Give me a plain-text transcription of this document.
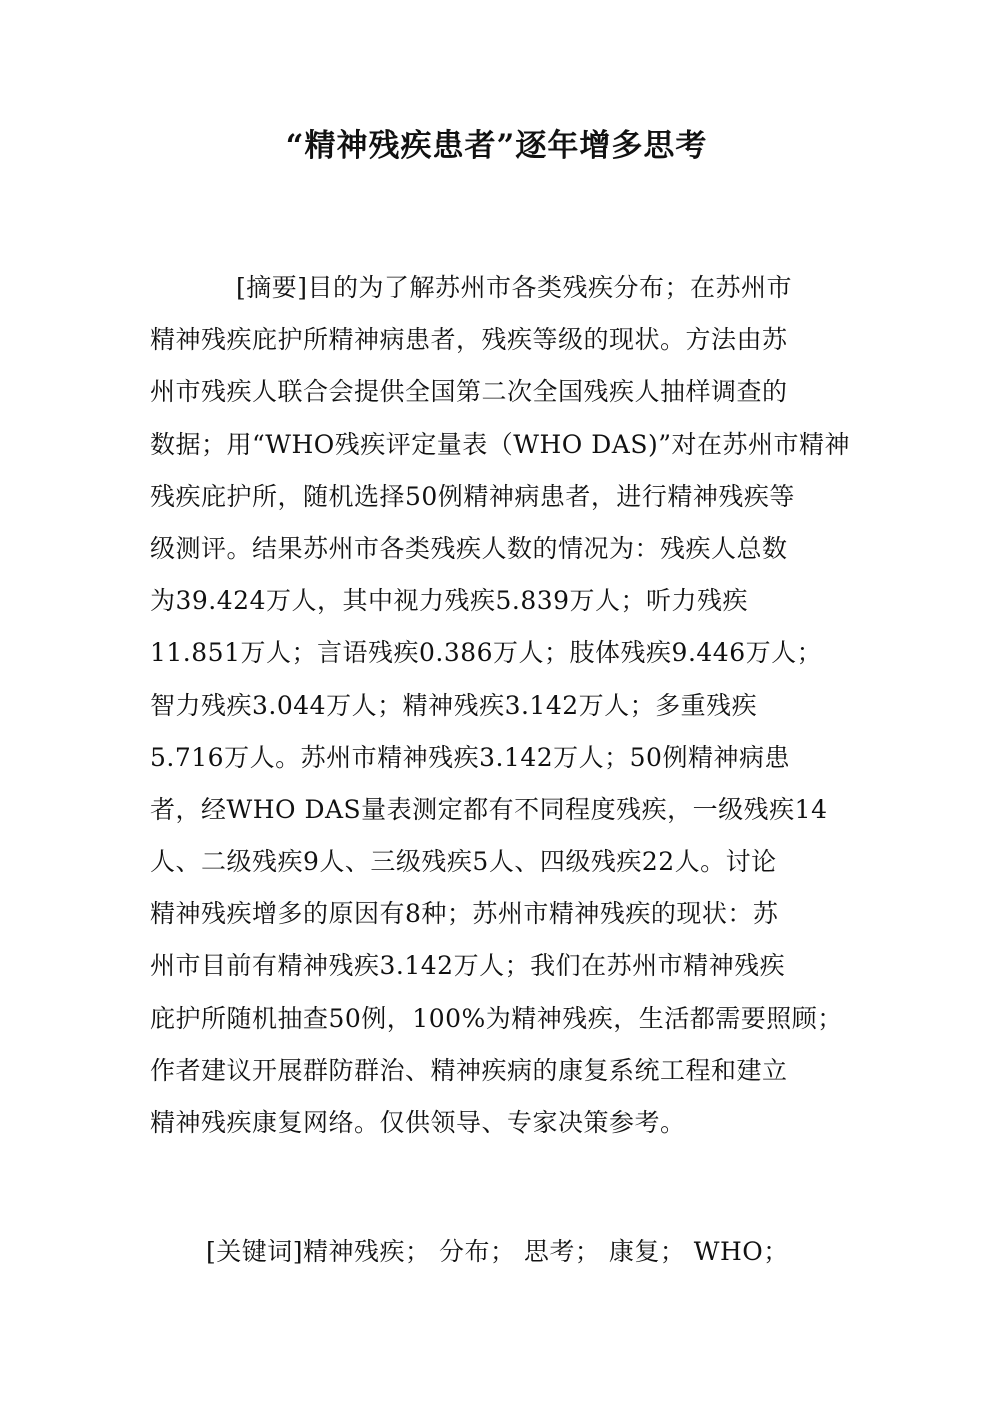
“精神残疾患者”逐年增多思考
[摘要]目的为了解苏州市各类残疾分布；在苏州市
精神残疾庇护所精神病患者，残疾等级的现状。方法由苏
州市残疾人联合会提供全国第二次全国残疾人抽样调查的
数据；用“WHO残疾评定量表（WHO DAS)”对在苏州市精神
残疾庇护所，随机选择50例精神病患者，进行精神残疾等
级测评。结果苏州市各类残疾人数的情况为：残疾人总数
为39.424万人，其中视力残疾5.839万人；听力残疾
11.851万人；言语残疾0.386万人；肢体残疾9.446万人；
智力残疾3.044万人；精神残疾3.142万人；多重残疾
5.716万人。苏州市精神残疾3.142万人；50例精神病患
者，经WHO DAS量表测定都有不同程度残疾，一级残疾14
人、二级残疾9人、三级残疾5人、四级残疾22人。讨论
精神残疾增多的原因有8种；苏州市精神残疾的现状：苏
州市目前有精神残疾3.142万人；我们在苏州市精神残疾
庇护所随机抽查50例，100%为精神残疾，生活都需要照顾；
作者建议开展群防群治、精神疾病的康复系统工程和建立
精神残疾康复网络。仅供领导、专家决策参考。
[关键词]精神残疾； 分布； 思考； 康复； WHO；
